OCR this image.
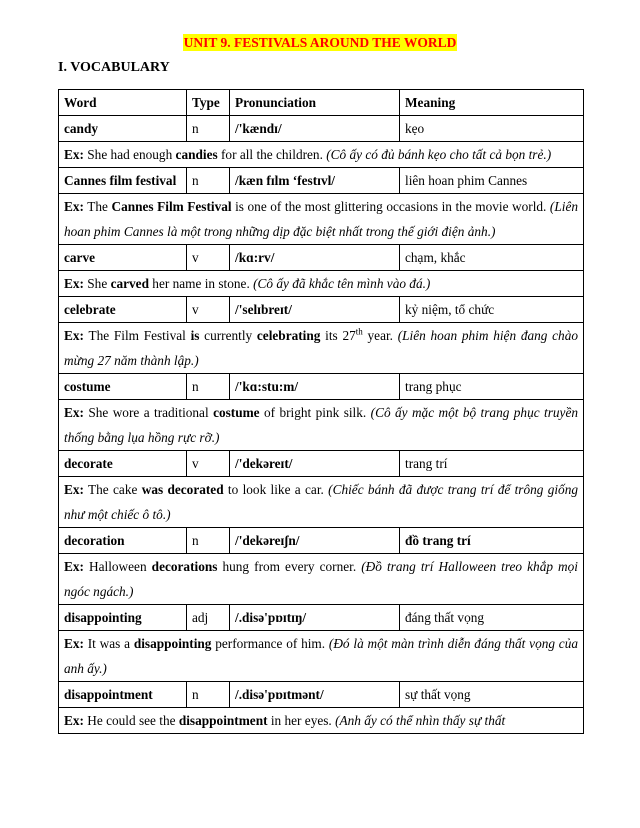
UNIT 9. FESTIVALS AROUND THE WORLD
I. VOCABULARY
Word	Type	Pronunciation	Meaning
candy	n	/'kændɪ/	kẹo
Ex: She had enough candies for all the children. (Cô ấy có đủ bánh kẹo cho tất cả bọn trẻ.)			
Cannes film festival	n	/kæn fɪlm ‘festɪvl/	liên hoan phim Cannes
Ex: The Cannes Film Festival is one of the most glittering occasions in the movie world. (Liên hoan phim Cannes là một trong những dịp đặc biệt nhất trong thế giới điện ảnh.)			
carve	v	/kɑ:rv/	chạm, khắc
Ex: She carved her name in stone. (Cô ấy đã khắc tên mình vào đá.)			
celebrate	v	/'selɪbreɪt/	kỷ niệm, tổ chức
Ex: The Film Festival is currently celebrating its 27th year. (Liên hoan phim hiện đang chào mừng 27 năm thành lập.)			
costume	n	/'kɑ:stu:m/	trang phục
Ex: She wore a traditional costume of bright pink silk. (Cô ấy mặc một bộ trang phục truyền thống bằng lụa hồng rực rỡ.)			
decorate	v	/'dekəreɪt/	trang trí
Ex: The cake was decorated to look like a car. (Chiếc bánh đã được trang trí để trông giống như một chiếc ô tô.)			
decoration	n	/'dekəreɪʃn/	đồ trang trí
Ex: Halloween decorations hung from every corner. (Đồ trang trí Halloween treo khắp mọi ngóc ngách.)			
disappointing	adj	/.disə'pɒɪtɪŋ/	đáng thất vọng
Ex: It was a disappointing performance of him. (Đó là một màn trình diễn đáng thất vọng của anh ấy.)			
disappointment	n	/.disə'pɒɪtmənt/	sự thất vọng
Ex: He could see the disappointment in her eyes. (Anh ấy có thể nhìn thấy sự thất			
